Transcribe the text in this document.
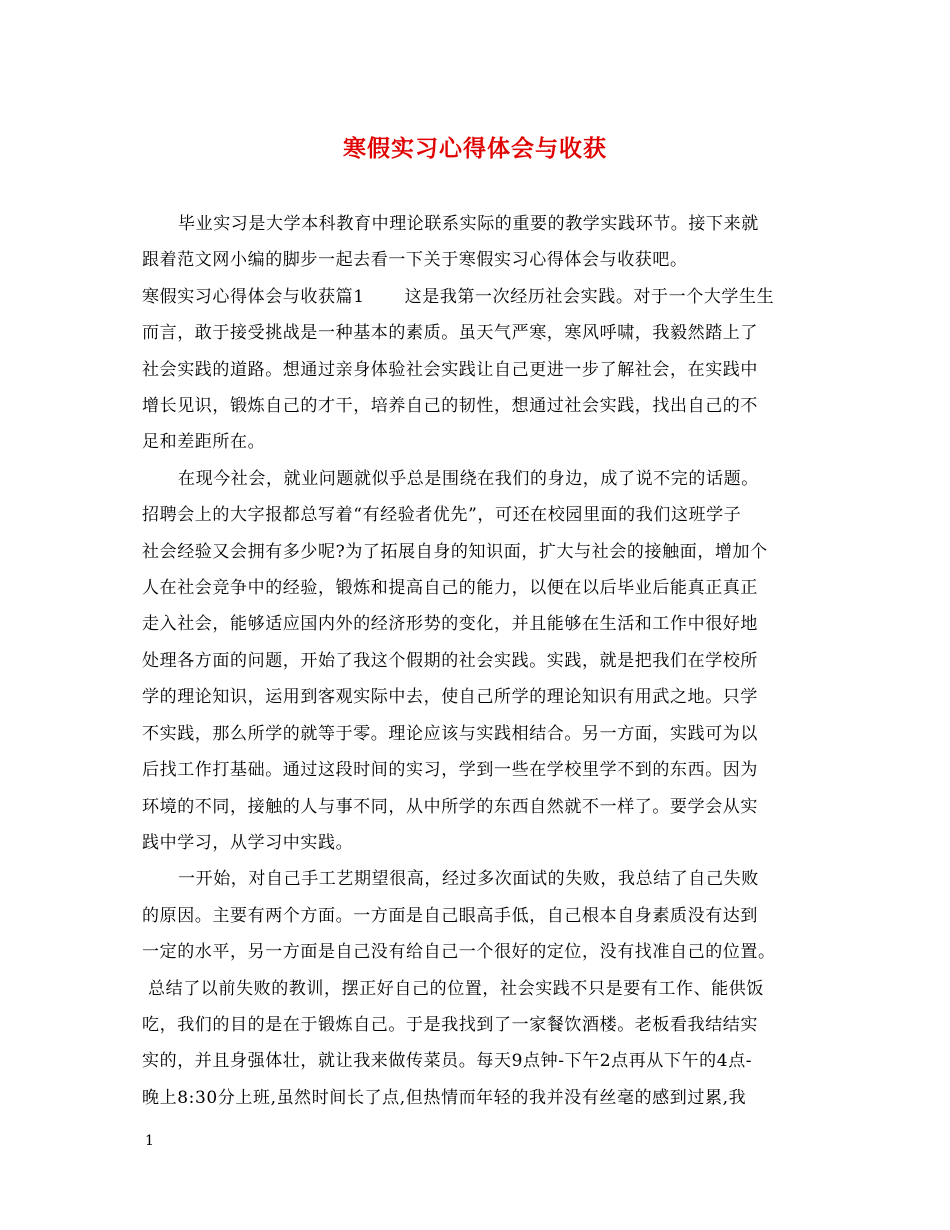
寒假实习心得体会与收获
毕业实习是大学本科教育中理论联系实际的重要的教学实践环节。接下来就
跟着范文网小编的脚步一起去看一下关于寒假实习心得体会与收获吧。
寒假实习心得体会与收获篇1 这是我第一次经历社会实践。对于一个大学生生
而言，敢于接受挑战是一种基本的素质。虽天气严寒，寒风呼啸，我毅然踏上了
社会实践的道路。想通过亲身体验社会实践让自己更进一步了解社会，在实践中
增长见识，锻炼自己的才干，培养自己的韧性，想通过社会实践，找出自己的不
足和差距所在。
在现今社会，就业问题就似乎总是围绕在我们的身边，成了说不完的话题。
招聘会上的大字报都总写着“有经验者优先”，可还在校园里面的我们这班学子
社会经验又会拥有多少呢?为了拓展自身的知识面，扩大与社会的接触面，增加个
人在社会竞争中的经验，锻炼和提高自己的能力，以便在以后毕业后能真正真正
走入社会，能够适应国内外的经济形势的变化，并且能够在生活和工作中很好地
处理各方面的问题，开始了我这个假期的社会实践。实践，就是把我们在学校所
学的理论知识，运用到客观实际中去，使自己所学的理论知识有用武之地。只学
不实践，那么所学的就等于零。理论应该与实践相结合。另一方面，实践可为以
后找工作打基础。通过这段时间的实习，学到一些在学校里学不到的东西。因为
环境的不同，接触的人与事不同，从中所学的东西自然就不一样了。要学会从实
践中学习，从学习中实践。
一开始，对自己手工艺期望很高，经过多次面试的失败，我总结了自己失败
的原因。主要有两个方面。一方面是自己眼高手低，自己根本自身素质没有达到
一定的水平，另一方面是自己没有给自己一个很好的定位，没有找准自己的位置。
总结了以前失败的教训，摆正好自己的位置，社会实践不只是要有工作、能供饭
吃，我们的目的是在于锻炼自己。于是我找到了一家餐饮酒楼。老板看我结结实
实的，并且身强体壮，就让我来做传菜员。每天9点钟-下午2点再从下午的4点-
晚上8:30分上班,虽然时间长了点,但热情而年轻的我并没有丝毫的感到过累,我
1
